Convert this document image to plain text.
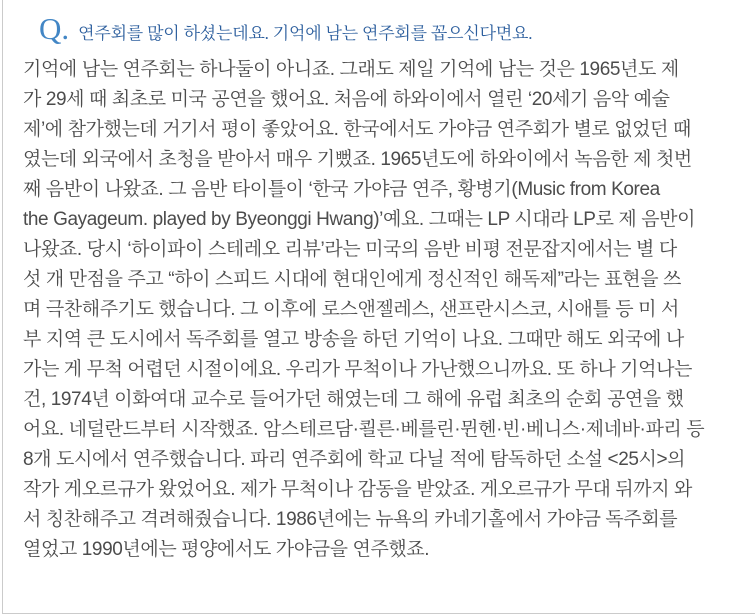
Q. 연주회를 많이 하셨는데요. 기억에 남는 연주회를 꼽으신다면요.
기억에 남는 연주회는 하나둘이 아니죠. 그래도 제일 기억에 남는 것은 1965년도 제
가 29세 때 최초로 미국 공연을 했어요. 처음에 하와이에서 열린 ‘20세기 음악 예술
제’에 참가했는데 거기서 평이 좋았어요. 한국에서도 가야금 연주회가 별로 없었던 때
였는데 외국에서 초청을 받아서 매우 기뻤죠. 1965년도에 하와이에서 녹음한 제 첫번
째 음반이 나왔죠. 그 음반 타이틀이 ‘한국 가야금 연주, 황병기(Music from Korea
the Gayageum. played by Byeonggi Hwang)’예요. 그때는 LP 시대라 LP로 제 음반이
나왔죠. 당시 ‘하이파이 스테레오 리뷰’라는 미국의 음반 비평 전문잡지에서는 별 다
섯 개 만점을 주고 “하이 스피드 시대에 현대인에게 정신적인 해독제”라는 표현을 쓰
며 극찬해주기도 했습니다. 그 이후에 로스앤젤레스, 샌프란시스코, 시애틀 등 미 서
부 지역 큰 도시에서 독주회를 열고 방송을 하던 기억이 나요. 그때만 해도 외국에 나
가는 게 무척 어렵던 시절이에요. 우리가 무척이나 가난했으니까요. 또 하나 기억나는
건, 1974년 이화여대 교수로 들어가던 해였는데 그 해에 유럽 최초의 순회 공연을 했
어요. 네덜란드부터 시작했죠. 암스테르담·쾰른·베를린·뮌헨·빈·베니스·제네바·파리 등
8개 도시에서 연주했습니다. 파리 연주회에 학교 다닐 적에 탐독하던 소설 <25시>의
작가 게오르규가 왔었어요. 제가 무척이나 감동을 받았죠. 게오르규가 무대 뒤까지 와
서 칭찬해주고 격려해줬습니다. 1986년에는 뉴욕의 카네기홀에서 가야금 독주회를
열었고 1990년에는 평양에서도 가야금을 연주했죠.
